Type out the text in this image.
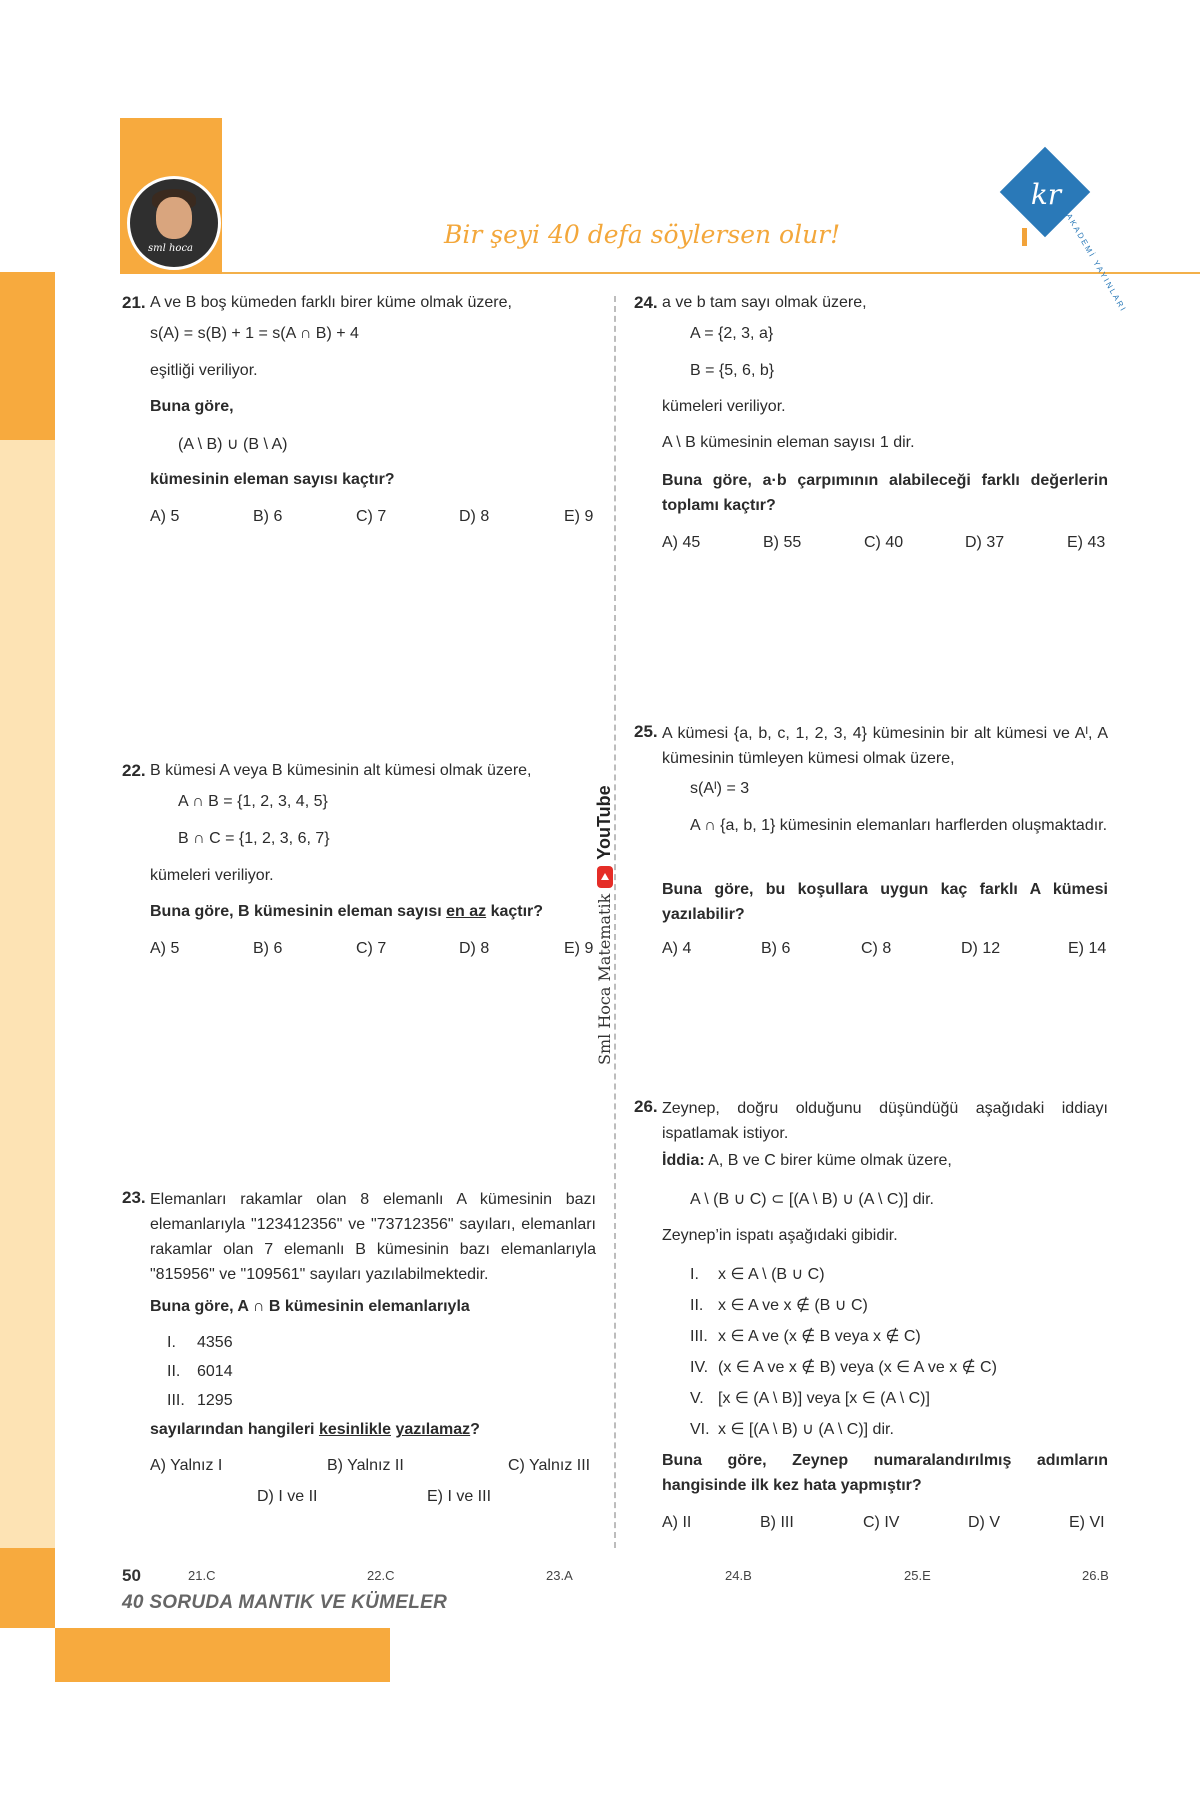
sml hoca	Bir şeyi 40 defa söylersen olur!
kr
AKADEMİ YAYINLARI
Sml Hoca Matematik
YouTube
21. A ve B boş kümeden farklı birer küme olmak üzere,
s(A) = s(B) + 1 = s(A ∩ B) + 4
eşitliği veriliyor.
Buna göre,
(A \ B) ∪ (B \ A)
kümesinin eleman sayısı kaçtır?
A) 5	B) 6	C) 7	D) 8	E) 9
22. B kümesi A veya B kümesinin alt kümesi olmak üzere,
A ∩ B = {1, 2, 3, 4, 5}
B ∩ C = {1, 2, 3, 6, 7}
kümeleri veriliyor.
Buna göre, B kümesinin eleman sayısı en az kaçtır?
A) 5	B) 6	C) 7	D) 8	E) 9
23. Elemanları rakamlar olan 8 elemanlı A kümesinin bazı elemanlarıyla "123412356" ve "73712356" sayıları, elemanları rakamlar olan 7 elemanlı B kümesinin bazı elemanlarıyla "815956" ve "109561" sayıları yazılabilmektedir.
Buna göre, A ∩ B kümesinin elemanlarıyla
I. 4356
II. 6014
III. 1295
sayılarından hangileri kesinlikle yazılamaz?
A) Yalnız I	B) Yalnız II	C) Yalnız III
D) I ve II	E) I ve III
24. a ve b tam sayı olmak üzere,
A = {2, 3, a}
B = {5, 6, b}
kümeleri veriliyor.
A \ B kümesinin eleman sayısı 1 dir.
Buna göre, a·b çarpımının alabileceği farklı değerlerin toplamı kaçtır?
A) 45	B) 55	C) 40	D) 37	E) 43
25. A kümesi {a, b, c, 1, 2, 3, 4} kümesinin bir alt kümesi ve Aᴵ, A kümesinin tümleyen kümesi olmak üzere,
s(Aᴵ) = 3
A ∩ {a, b, 1} kümesinin elemanları harflerden oluşmaktadır.
Buna göre, bu koşullara uygun kaç farklı A kümesi yazılabilir?
A) 4	B) 6	C) 8	D) 12	E) 14
26. Zeynep, doğru olduğunu düşündüğü aşağıdaki iddiayı ispatlamak istiyor.
İddia: A, B ve C birer küme olmak üzere,
A \ (B ∪ C) ⊂ [(A \ B) ∪ (A \ C)] dir.
Zeynep’in ispatı aşağıdaki gibidir.
I. x ∈ A \ (B ∪ C)
II. x ∈ A ve x ∉ (B ∪ C)
III. x ∈ A ve (x ∉ B veya x ∉ C)
IV. (x ∈ A ve x ∉ B) veya (x ∈ A ve x ∉ C)
V. [x ∈ (A \ B)] veya [x ∈ (A \ C)]
VI. x ∈ [(A \ B) ∪ (A \ C)] dir.
Buna göre, Zeynep numaralandırılmış adımların hangisinde ilk kez hata yapmıştır?
A) II	B) III	C) IV	D) V	E) VI
50	21.C	22.C	23.A	24.B	25.E	26.B
40 SORUDA MANTIK VE KÜMELER
